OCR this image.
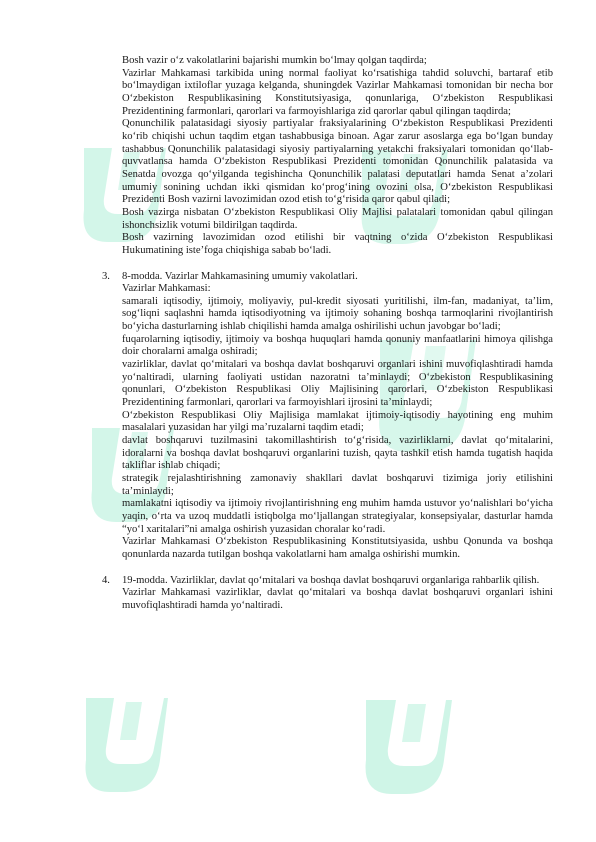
Bosh vazir oʻz vakolatlarini bajarishi mumkin boʻlmay qolgan taqdirda;

Vazirlar Mahkamasi tarkibida uning normal faoliyat koʻrsatishiga tahdid soluvchi, bartaraf etib boʻlmaydigan ixtiloflar yuzaga kelganda, shuningdek Vazirlar Mahkamasi tomonidan bir necha bor Oʻzbekiston Respublikasining Konstitutsiyasiga, qonunlariga, Oʻzbekiston Respublikasi Prezidentining farmonlari, qarorlari va farmoyishlariga zid qarorlar qabul qilingan taqdirda;

Qonunchilik palatasidagi siyosiy partiyalar fraksiyalarining Oʻzbekiston Respublikasi Prezidenti koʻrib chiqishi uchun taqdim etgan tashabbusiga binoan. Agar zarur asoslarga ega boʻlgan bunday tashabbus Qonunchilik palatasidagi siyosiy partiyalarning yetakchi fraksiyalari tomonidan qoʻllab-quvvatlansa hamda Oʻzbekiston Respublikasi Prezidenti tomonidan Qonunchilik palatasida va Senatda ovozga qoʻyilganda tegishincha Qonunchilik palatasi deputatlari hamda Senat aʼzolari umumiy sonining uchdan ikki qismidan koʻprogʻining ovozini olsa, Oʻzbekiston Respublikasi Prezidenti Bosh vazirni lavozimidan ozod etish toʻgʻrisida qaror qabul qiladi;

Bosh vazirga nisbatan Oʻzbekiston Respublikasi Oliy Majlisi palatalari tomonidan qabul qilingan ishonchsizlik votumi bildirilgan taqdirda.

Bosh vazirning lavozimidan ozod etilishi bir vaqtning oʻzida Oʻzbekiston Respublikasi Hukumatining isteʼfoga chiqishiga sabab boʻladi.

3. 8-modda. Vazirlar Mahkamasining umumiy vakolatlari.

Vazirlar Mahkamasi:

samarali iqtisodiy, ijtimoiy, moliyaviy, pul-kredit siyosati yuritilishi, ilm-fan, madaniyat, taʼlim, sogʻliqni saqlashni hamda iqtisodiyotning va ijtimoiy sohaning boshqa tarmoqlarini rivojlantirish boʻyicha dasturlarning ishlab chiqilishi hamda amalga oshirilishi uchun javobgar boʻladi;

fuqarolarning iqtisodiy, ijtimoiy va boshqa huquqlari hamda qonuniy manfaatlarini himoya qilishga doir choralarni amalga oshiradi;

vazirliklar, davlat qoʻmitalari va boshqa davlat boshqaruvi organlari ishini muvofiqlashtiradi hamda yoʻnaltiradi, ularning faoliyati ustidan nazoratni taʼminlaydi; Oʻzbekiston Respublikasining qonunlari, Oʻzbekiston Respublikasi Oliy Majlisining qarorlari, Oʻzbekiston Respublikasi Prezidentining farmonlari, qarorlari va farmoyishlari ijrosini taʼminlaydi;

Oʻzbekiston Respublikasi Oliy Majlisiga mamlakat ijtimoiy-iqtisodiy hayotining eng muhim masalalari yuzasidan har yilgi maʼruzalarni taqdim etadi;

davlat boshqaruvi tuzilmasini takomillashtirish toʻgʻrisida, vazirliklarni, davlat qoʻmitalarini, idoralarni va boshqa davlat boshqaruvi organlarini tuzish, qayta tashkil etish hamda tugatish haqida takliflar ishlab chiqadi;

strategik rejalashtirishning zamonaviy shakllari davlat boshqaruvi tizimiga joriy etilishini taʼminlaydi;

mamlakatni iqtisodiy va ijtimoiy rivojlantirishning eng muhim hamda ustuvor yoʻnalishlari boʻyicha yaqin, oʻrta va uzoq muddatli istiqbolga moʻljallangan strategiyalar, konsepsiyalar, dasturlar hamda “yoʻl xaritalari”ni amalga oshirish yuzasidan choralar koʻradi.

Vazirlar Mahkamasi Oʻzbekiston Respublikasining Konstitutsiyasida, ushbu Qonunda va boshqa qonunlarda nazarda tutilgan boshqa vakolatlarni ham amalga oshirishi mumkin.

4. 19-modda. Vazirliklar, davlat qoʻmitalari va boshqa davlat boshqaruvi organlariga rahbarlik qilish.

Vazirlar Mahkamasi vazirliklar, davlat qoʻmitalari va boshqa davlat boshqaruvi organlari ishini muvofiqlashtiradi hamda yoʻnaltiradi.
